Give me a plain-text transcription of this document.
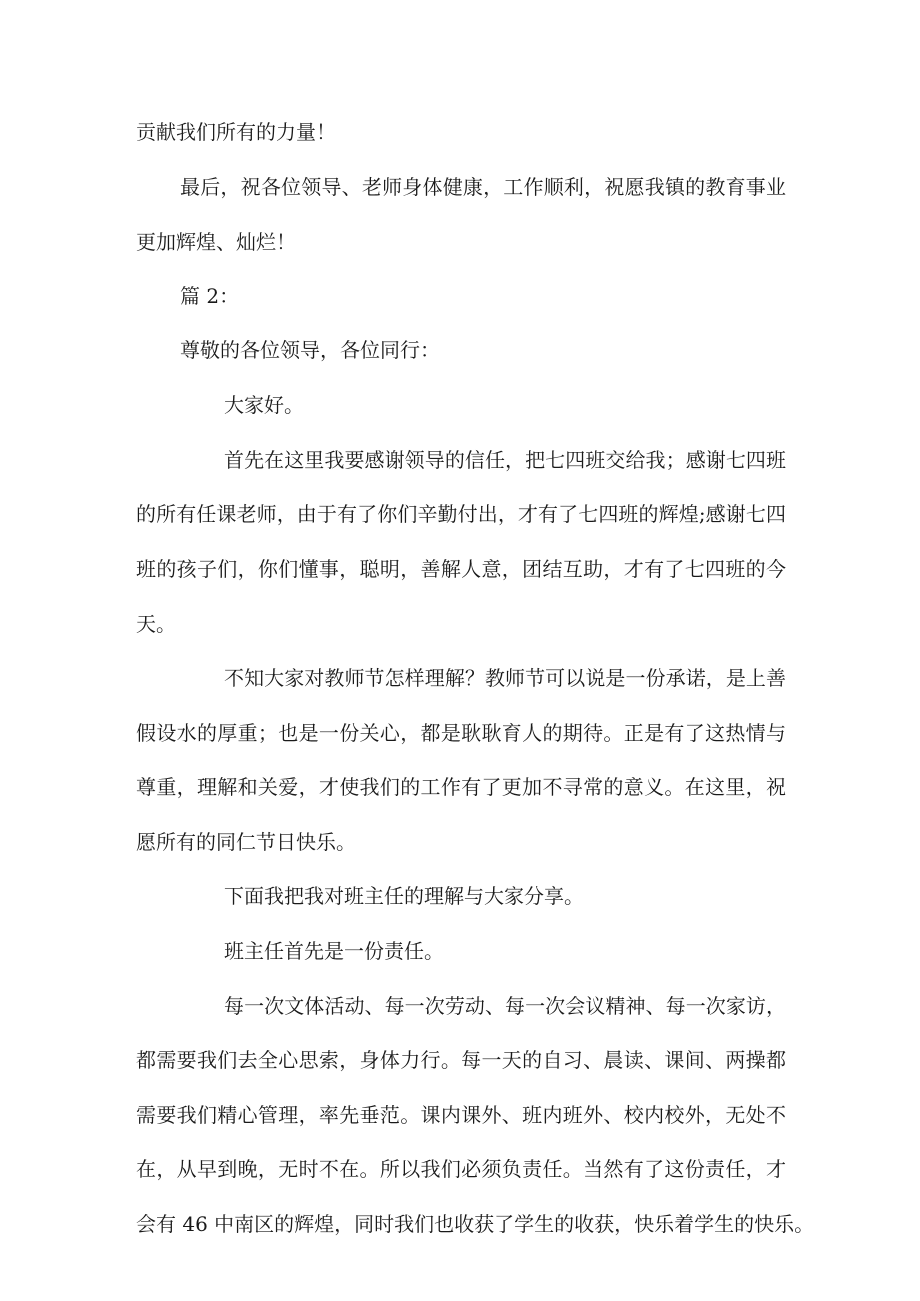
贡献我们所有的力量！
最后，祝各位领导、老师身体健康，工作顺利，祝愿我镇的教育事业
更加辉煌、灿烂！
篇 2：
尊敬的各位领导，各位同行：
大家好。
首先在这里我要感谢领导的信任，把七四班交给我；感谢七四班
的所有任课老师，由于有了你们辛勤付出，才有了七四班的辉煌;感谢七四
班的孩子们，你们懂事，聪明，善解人意，团结互助，才有了七四班的今
天。
不知大家对教师节怎样理解？教师节可以说是一份承诺，是上善
假设水的厚重；也是一份关心，都是耿耿育人的期待。正是有了这热情与
尊重，理解和关爱，才使我们的工作有了更加不寻常的意义。在这里，祝
愿所有的同仁节日快乐。
下面我把我对班主任的理解与大家分享。
班主任首先是一份责任。
每一次文体活动、每一次劳动、每一次会议精神、每一次家访，
都需要我们去全心思索，身体力行。每一天的自习、晨读、课间、两操都
需要我们精心管理，率先垂范。课内课外、班内班外、校内校外，无处不
在，从早到晚，无时不在。所以我们必须负责任。当然有了这份责任，才
会有 46 中南区的辉煌，同时我们也收获了学生的收获，快乐着学生的快乐。
